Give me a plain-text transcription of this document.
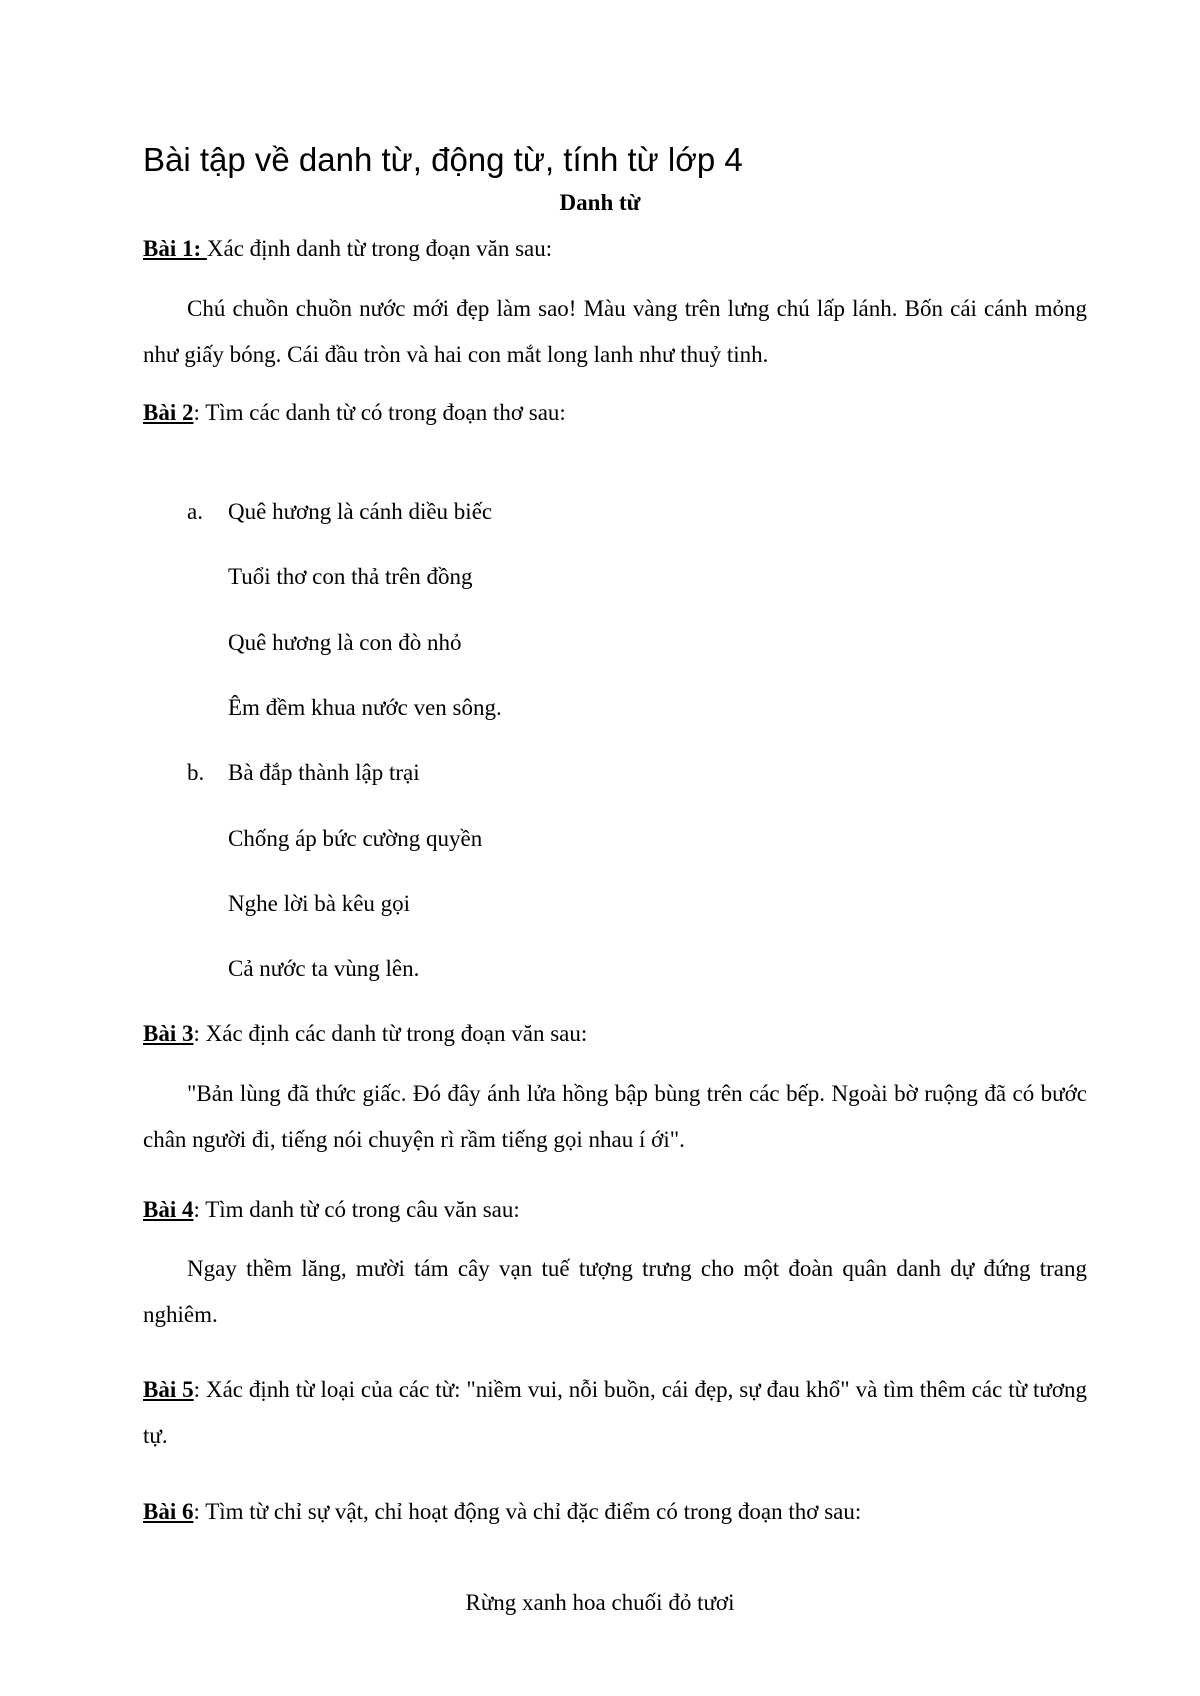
Bài tập về danh từ, động từ, tính từ lớp 4
Danh từ
Bài 1: Xác định danh từ trong đoạn văn sau:
Chú chuồn chuồn nước mới đẹp làm sao! Màu vàng trên lưng chú lấp lánh. Bốn cái cánh mỏng như giấy bóng. Cái đầu tròn và hai con mắt long lanh như thuỷ tinh.
Bài 2: Tìm các danh từ có trong đoạn thơ sau:
a. Quê hương là cánh diều biếc
Tuổi thơ con thả trên đồng
Quê hương là con đò nhỏ
Êm đềm khua nước ven sông.
b. Bà đắp thành lập trại
Chống áp bức cường quyền
Nghe lời bà kêu gọi
Cả nước ta vùng lên.
Bài 3: Xác định các danh từ trong đoạn văn sau:
"Bản lùng đã thức giấc. Đó đây ánh lửa hồng bập bùng trên các bếp. Ngoài bờ ruộng đã có bước chân người đi, tiếng nói chuyện rì rầm tiếng gọi nhau í ới".
Bài 4: Tìm danh từ có trong câu văn sau:
Ngay thềm lăng, mười tám cây vạn tuế tượng trưng cho một đoàn quân danh dự đứng trang nghiêm.
Bài 5: Xác định từ loại của các từ: "niềm vui, nỗi buồn, cái đẹp, sự đau khổ" và tìm thêm các từ tương tự.
Bài 6: Tìm từ chỉ sự vật, chỉ hoạt động và chỉ đặc điểm có trong đoạn thơ sau:
Rừng xanh hoa chuối đỏ tươi
